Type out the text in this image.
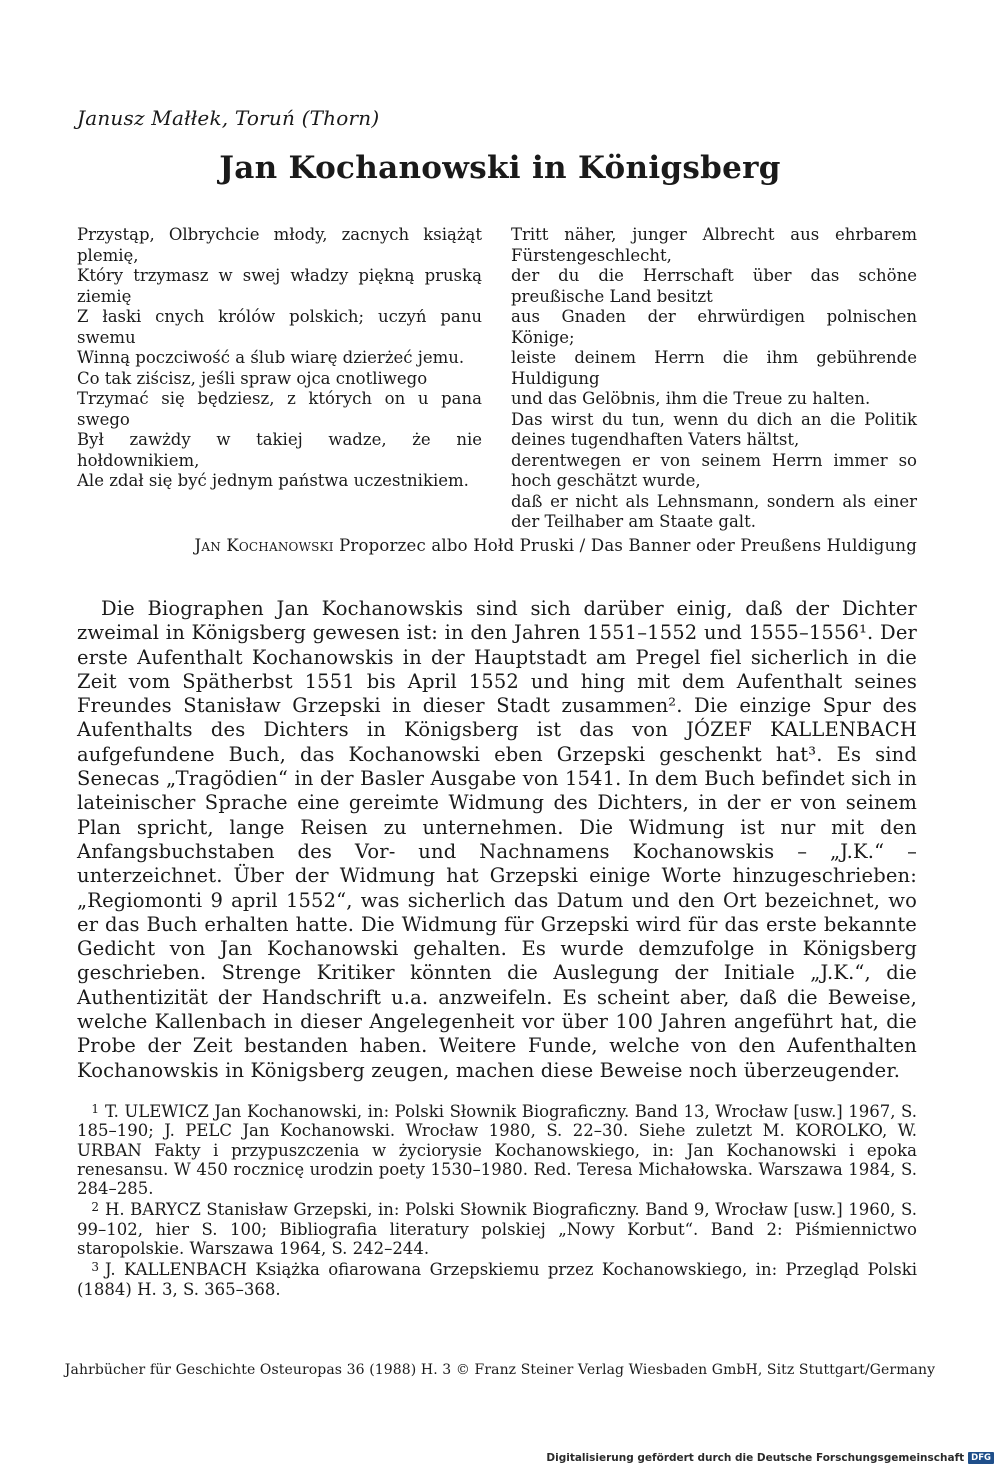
Janusz Małłek, Toruń (Thorn)
Jan Kochanowski in Königsberg
Przystąp, Olbrychcie młody, zacnych książąt plemię,
Który trzymasz w swej władzy piękną pruską ziemię
Z łaski cnych królów polskich; uczyń panu swemu
Winną poczciwość a ślub wiarę dzierżeć jemu.
Co tak ziścisz, jeśli spraw ojca cnotliwego
Trzymać się będziesz, z których on u pana swego
Był zawżdy w takiej wadze, że nie hołdownikiem,
Ale zdał się być jednym państwa uczestnikiem.
Tritt näher, junger Albrecht aus ehrbarem Fürstengeschlecht,
der du die Herrschaft über das schöne preußische Land besitzt
aus Gnaden der ehrwürdigen polnischen Könige;
leiste deinem Herrn die ihm gebührende Huldigung
und das Gelöbnis, ihm die Treue zu halten.
Das wirst du tun, wenn du dich an die Politik deines tugendhaften Vaters hältst,
derentwegen er von seinem Herrn immer so hoch geschätzt wurde,
daß er nicht als Lehnsmann, sondern als einer der Teilhaber am Staate galt.
Jan Kochanowski Proporzec albo Hołd Pruski / Das Banner oder Preußens Huldigung

Die Biographen Jan Kochanowskis sind sich darüber einig, daß der Dichter zweimal in Königsberg gewesen ist: in den Jahren 1551–1552 und 1555–1556¹. Der erste Aufenthalt Kochanowskis in der Hauptstadt am Pregel fiel sicherlich in die Zeit vom Spätherbst 1551 bis April 1552 und hing mit dem Aufenthalt seines Freundes Stanisław Grzepski in dieser Stadt zusammen². Die einzige Spur des Aufenthalts des Dichters in Königsberg ist das von JÓZEF KALLENBACH aufgefundene Buch, das Kochanowski eben Grzepski geschenkt hat³. Es sind Senecas „Tragödien“ in der Basler Ausgabe von 1541. In dem Buch befindet sich in lateinischer Sprache eine gereimte Widmung des Dichters, in der er von seinem Plan spricht, lange Reisen zu unternehmen. Die Widmung ist nur mit den Anfangsbuchstaben des Vor- und Nachnamens Kochanowskis – „J.K.“ – unterzeichnet. Über der Widmung hat Grzepski einige Worte hinzugeschrieben: „Regiomonti 9 april 1552“, was sicherlich das Datum und den Ort bezeichnet, wo er das Buch erhalten hatte. Die Widmung für Grzepski wird für das erste bekannte Gedicht von Jan Kochanowski gehalten. Es wurde demzufolge in Königsberg geschrieben. Strenge Kritiker könnten die Auslegung der Initiale „J.K.“, die Authentizität der Handschrift u.a. anzweifeln. Es scheint aber, daß die Beweise, welche Kallenbach in dieser Angelegenheit vor über 100 Jahren angeführt hat, die Probe der Zeit bestanden haben. Weitere Funde, welche von den Aufenthalten Kochanowskis in Königsberg zeugen, machen diese Beweise noch überzeugender.

1 T. ULEWICZ Jan Kochanowski, in: Polski Słownik Biograficzny. Band 13, Wrocław [usw.] 1967, S. 185–190; J. PELC Jan Kochanowski. Wrocław 1980, S. 22–30. Siehe zuletzt M. KOROLKO, W. URBAN Fakty i przypuszczenia w życiorysie Kochanowskiego, in: Jan Kochanowski i epoka renesansu. W 450 rocznicę urodzin poety 1530–1980. Red. Teresa Michałowska. Warszawa 1984, S. 284–285.

2 H. BARYCZ Stanisław Grzepski, in: Polski Słownik Biograficzny. Band 9, Wrocław [usw.] 1960, S. 99–102, hier S. 100; Bibliografia literatury polskiej „Nowy Korbut“. Band 2: Piśmiennictwo staropolskie. Warszawa 1964, S. 242–244.

3 J. KALLENBACH Książka ofiarowana Grzepskiemu przez Kochanowskiego, in: Przegląd Polski (1884) H. 3, S. 365–368.

Jahrbücher für Geschichte Osteuropas 36 (1988) H. 3 © Franz Steiner Verlag Wiesbaden GmbH, Sitz Stuttgart/Germany
Digitalisierung gefördert durch die Deutsche Forschungsgemeinschaft DFG
